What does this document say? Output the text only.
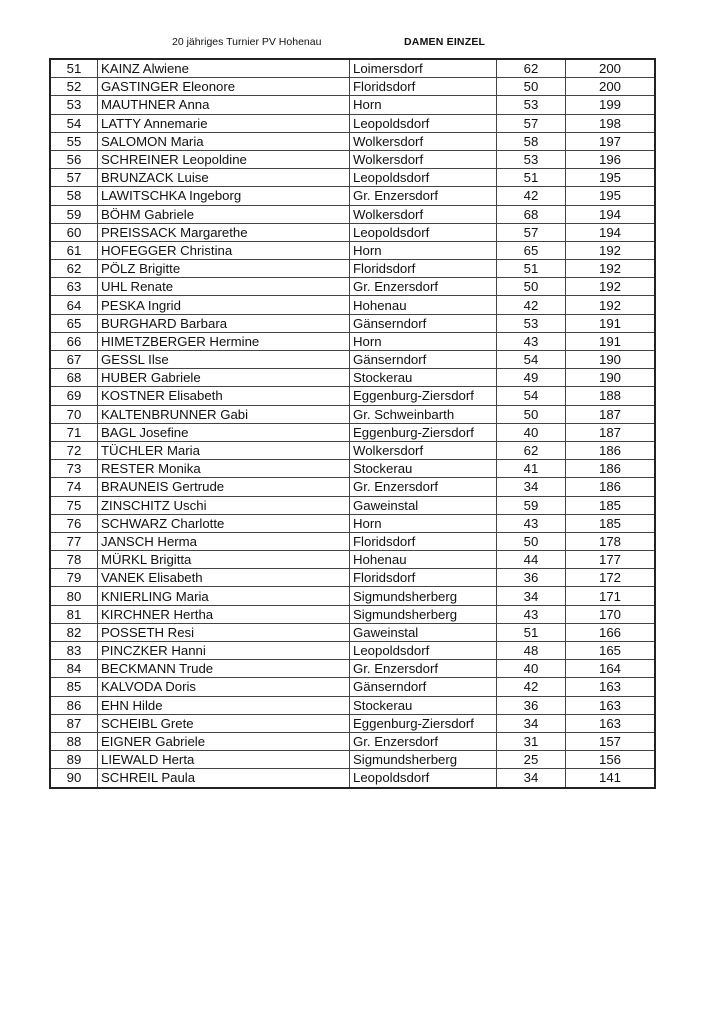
20 jähriges Turnier PV Hohenau	DAMEN EINZEL
51	KAINZ Alwiene	Loimersdorf	62	200
52	GASTINGER Eleonore	Floridsdorf	50	200
53	MAUTHNER Anna	Horn	53	199
54	LATTY Annemarie	Leopoldsdorf	57	198
55	SALOMON Maria	Wolkersdorf	58	197
56	SCHREINER Leopoldine	Wolkersdorf	53	196
57	BRUNZACK Luise	Leopoldsdorf	51	195
58	LAWITSCHKA Ingeborg	Gr. Enzersdorf	42	195
59	BÖHM Gabriele	Wolkersdorf	68	194
60	PREISSACK Margarethe	Leopoldsdorf	57	194
61	HOFEGGER Christina	Horn	65	192
62	PÖLZ Brigitte	Floridsdorf	51	192
63	UHL Renate	Gr. Enzersdorf	50	192
64	PESKA Ingrid	Hohenau	42	192
65	BURGHARD Barbara	Gänserndorf	53	191
66	HIMETZBERGER Hermine	Horn	43	191
67	GESSL Ilse	Gänserndorf	54	190
68	HUBER Gabriele	Stockerau	49	190
69	KOSTNER Elisabeth	Eggenburg-Ziersdorf	54	188
70	KALTENBRUNNER Gabi	Gr. Schweinbarth	50	187
71	BAGL Josefine	Eggenburg-Ziersdorf	40	187
72	TÜCHLER Maria	Wolkersdorf	62	186
73	RESTER Monika	Stockerau	41	186
74	BRAUNEIS Gertrude	Gr. Enzersdorf	34	186
75	ZINSCHITZ Uschi	Gaweinstal	59	185
76	SCHWARZ Charlotte	Horn	43	185
77	JANSCH Herma	Floridsdorf	50	178
78	MÜRKL Brigitta	Hohenau	44	177
79	VANEK Elisabeth	Floridsdorf	36	172
80	KNIERLING Maria	Sigmundsherberg	34	171
81	KIRCHNER Hertha	Sigmundsherberg	43	170
82	POSSETH Resi	Gaweinstal	51	166
83	PINCZKER Hanni	Leopoldsdorf	48	165
84	BECKMANN Trude	Gr. Enzersdorf	40	164
85	KALVODA Doris	Gänserndorf	42	163
86	EHN Hilde	Stockerau	36	163
87	SCHEIBL Grete	Eggenburg-Ziersdorf	34	163
88	EIGNER Gabriele	Gr. Enzersdorf	31	157
89	LIEWALD Herta	Sigmundsherberg	25	156
90	SCHREIL Paula	Leopoldsdorf	34	141
